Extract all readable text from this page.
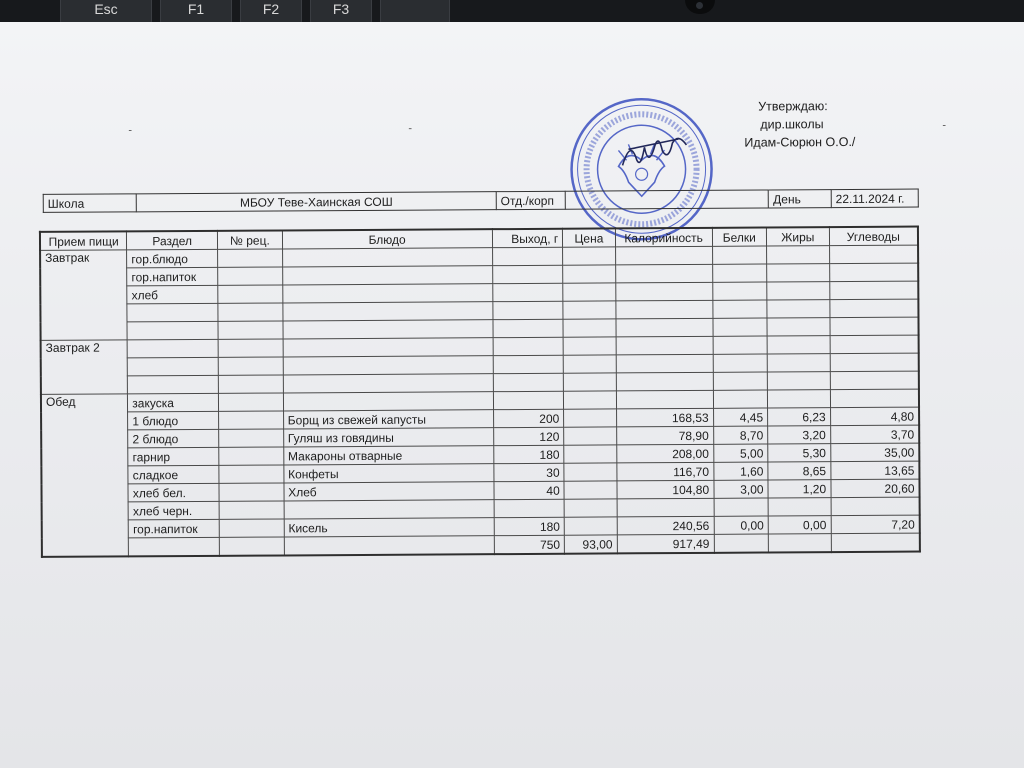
Esc	F1	F2	F3
Утверждаю:
дир.школы
Идам-Сюрюн О.О./
-	-	-
Школа	МБОУ Теве-Хаинская СОШ	Отд./корп		День	22.11.2024 г.
Прием пищи	Раздел	№ рец.	Блюдо	Выход, г	Цена	Калорийность	Белки	Жиры	Углеводы
Завтрак	гор.блюдо								
	гор.напиток								
	хлеб								

Завтрак 2									

Обед	закуска								
	1 блюдо		Борщ из свежей капусты	200		168,53	4,45	6,23	4,80
	2 блюдо		Гуляш из говядины	120		78,90	8,70	3,20	3,70
	гарнир		Макароны отварные	180		208,00	5,00	5,30	35,00
	сладкое		Конфеты	30		116,70	1,60	8,65	13,65
	хлеб бел.		Хлеб	40		104,80	3,00	1,20	20,60
	хлеб черн.								
	гор.напиток		Кисель	180		240,56	0,00	0,00	7,20
				750	93,00	917,49			
